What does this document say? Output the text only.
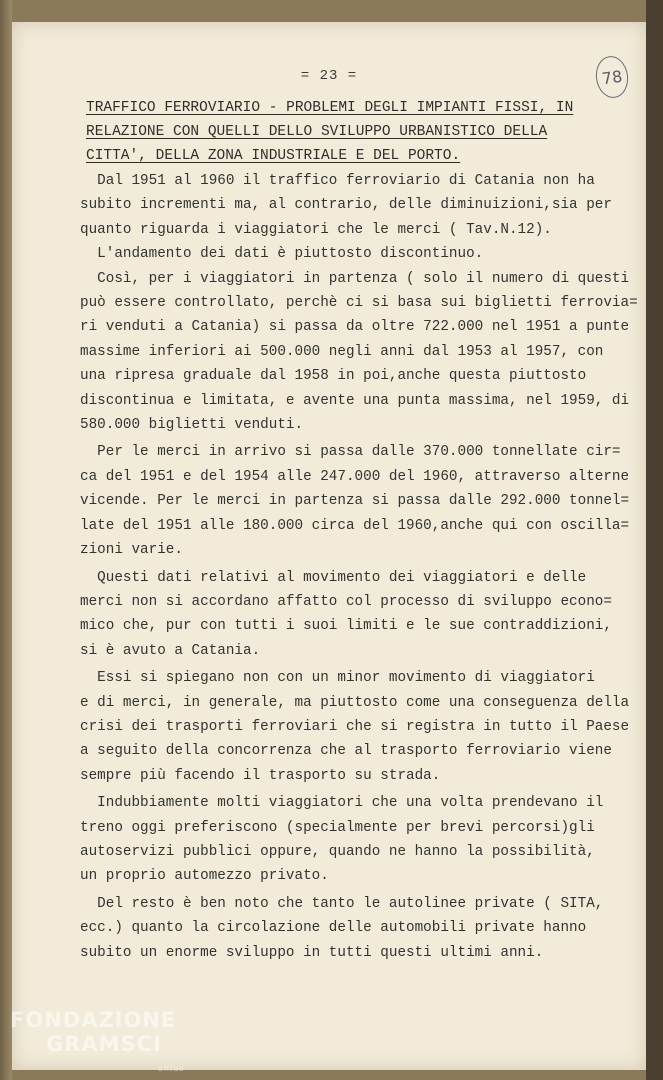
= 23 =	78
TRAFFICO FERROVIARIO - PROBLEMI DEGLI IMPIANTI FISSI, IN
RELAZIONE CON QUELLI DELLO SVILUPPO URBANISTICO DELLA
CITTA', DELLA ZONA INDUSTRIALE E DEL PORTO.
Dal 1951 al 1960 il traffico ferroviario di Catania non ha
subito incrementi ma, al contrario, delle diminuizioni,sia per
quanto riguarda i viaggiatori che le merci ( Tav.N.12).
L'andamento dei dati è piuttosto discontinuo.
Così, per i viaggiatori in partenza ( solo il numero di questi
può essere controllato, perchè ci si basa sui biglietti ferrovia=
ri venduti a Catania) si passa da oltre 722.000 nel 1951 a punte
massime inferiori ai 500.000 negli anni dal 1953 al 1957, con
una ripresa graduale dal 1958 in poi,anche questa piuttosto
discontinua e limitata, e avente una punta massima, nel 1959, di
580.000 biglietti venduti.
Per le merci in arrivo si passa dalle 370.000 tonnellate cir=
ca del 1951 e del 1954 alle 247.000 del 1960, attraverso alterne
vicende. Per le merci in partenza si passa dalle 292.000 tonnel=
late del 1951 alle 180.000 circa del 1960,anche qui con oscilla=
zioni varie.
Questi dati relativi al movimento dei viaggiatori e delle
merci non si accordano affatto col processo di sviluppo econo=
mico che, pur con tutti i suoi limiti e le sue contraddizioni,
si è avuto a Catania.
Essi si spiegano non con un minor movimento di viaggiatori
e di merci, in generale, ma piuttosto come una conseguenza della
crisi dei trasporti ferroviari che si registra in tutto il Paese
a seguito della concorrenza che al trasporto ferroviario viene
sempre più facendo il trasporto su strada.
Indubbiamente molti viaggiatori che una volta prendevano il
treno oggi preferiscono (specialmente per brevi percorsi)gli
autoservizi pubblici oppure, quando ne hanno la possibilità,
un proprio automezzo privato.
Del resto è ben noto che tanto le autolinee private ( SITA,
ecc.) quanto la circolazione delle automobili private hanno
subito un enorme sviluppo in tutti questi ultimi anni.
FONDAZIONE
GRAMSCI
onlus
